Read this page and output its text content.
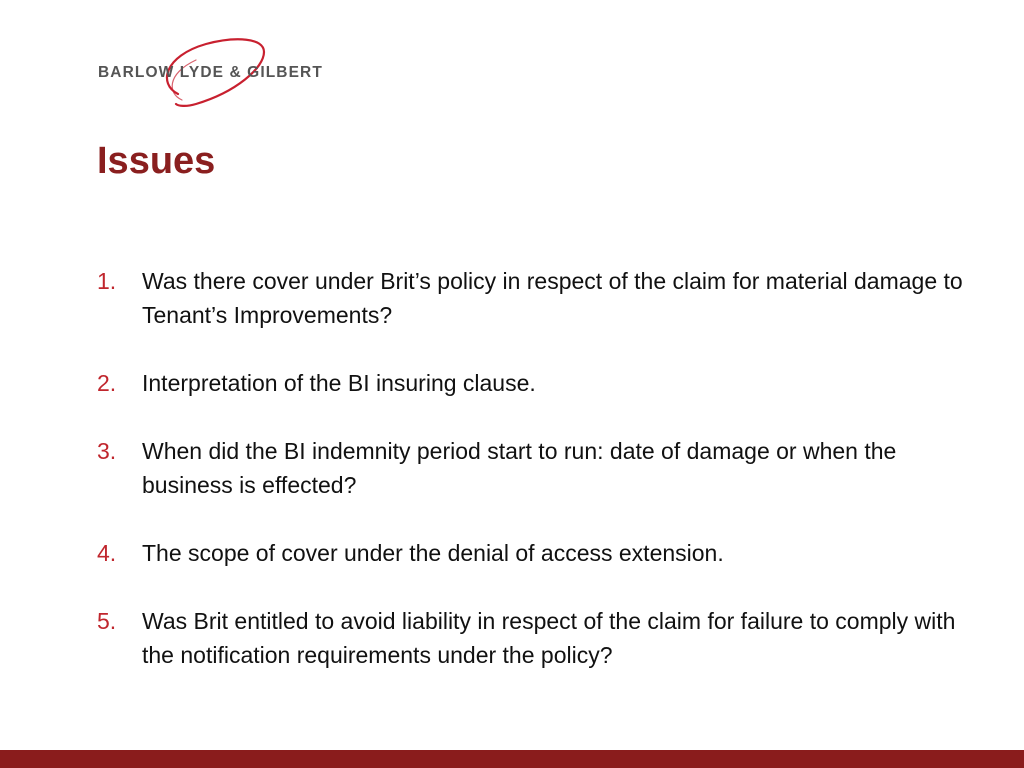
BARLOW LYDE & GILBERT
Issues
1.	Was there cover under Brit’s policy in respect of the claim for material damage to Tenant’s Improvements?
2.	Interpretation of the BI insuring clause.
3.	When did the BI indemnity period start to run: date of damage or when the business is effected?
4.	The scope of cover under the denial of access extension.
5.	Was Brit entitled to avoid liability in respect of the claim for failure to comply with the notification requirements under the policy?
